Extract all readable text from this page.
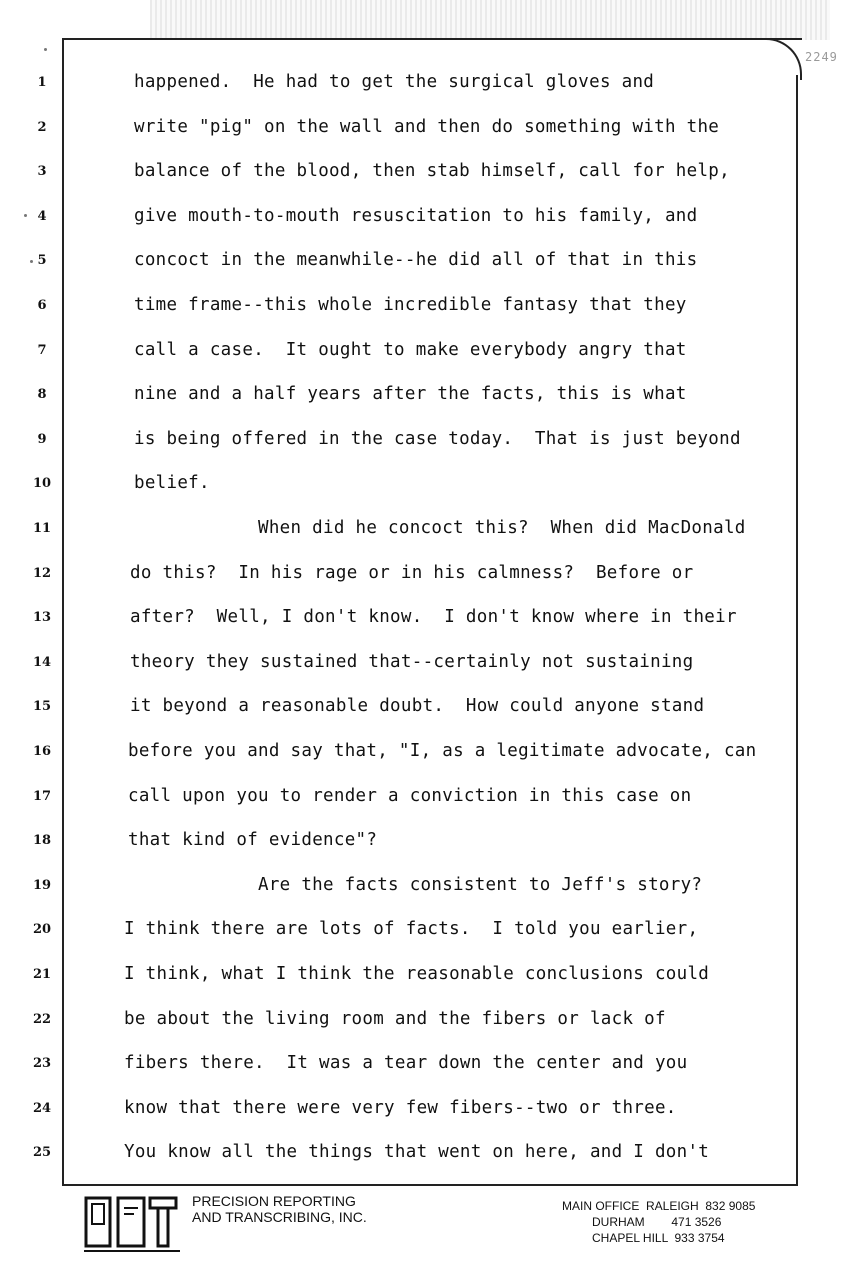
2249
1	happened.  He had to get the surgical gloves and
2	write "pig" on the wall and then do something with the
3	balance of the blood, then stab himself, call for help,
4	give mouth-to-mouth resuscitation to his family, and
5	concoct in the meanwhile--he did all of that in this
6	time frame--this whole incredible fantasy that they
7	call a case.  It ought to make everybody angry that
8	nine and a half years after the facts, this is what
9	is being offered in the case today.  That is just beyond
10	belief.
11	When did he concoct this?  When did MacDonald
12	do this?  In his rage or in his calmness?  Before or
13	after?  Well, I don't know.  I don't know where in their
14	theory they sustained that--certainly not sustaining
15	it beyond a reasonable doubt.  How could anyone stand
16	before you and say that, "I, as a legitimate advocate, can
17	call upon you to render a conviction in this case on
18	that kind of evidence"?
19	Are the facts consistent to Jeff's story?
20	I think there are lots of facts.  I told you earlier,
21	I think, what I think the reasonable conclusions could
22	be about the living room and the fibers or lack of
23	fibers there.  It was a tear down the center and you
24	know that there were very few fibers--two or three.
25	You know all the things that went on here, and I don't
PRECISION REPORTING
AND TRANSCRIBING, INC.
MAIN OFFICE  RALEIGH 832 9085
DURHAM 471 3526
CHAPEL HILL 933 3754
